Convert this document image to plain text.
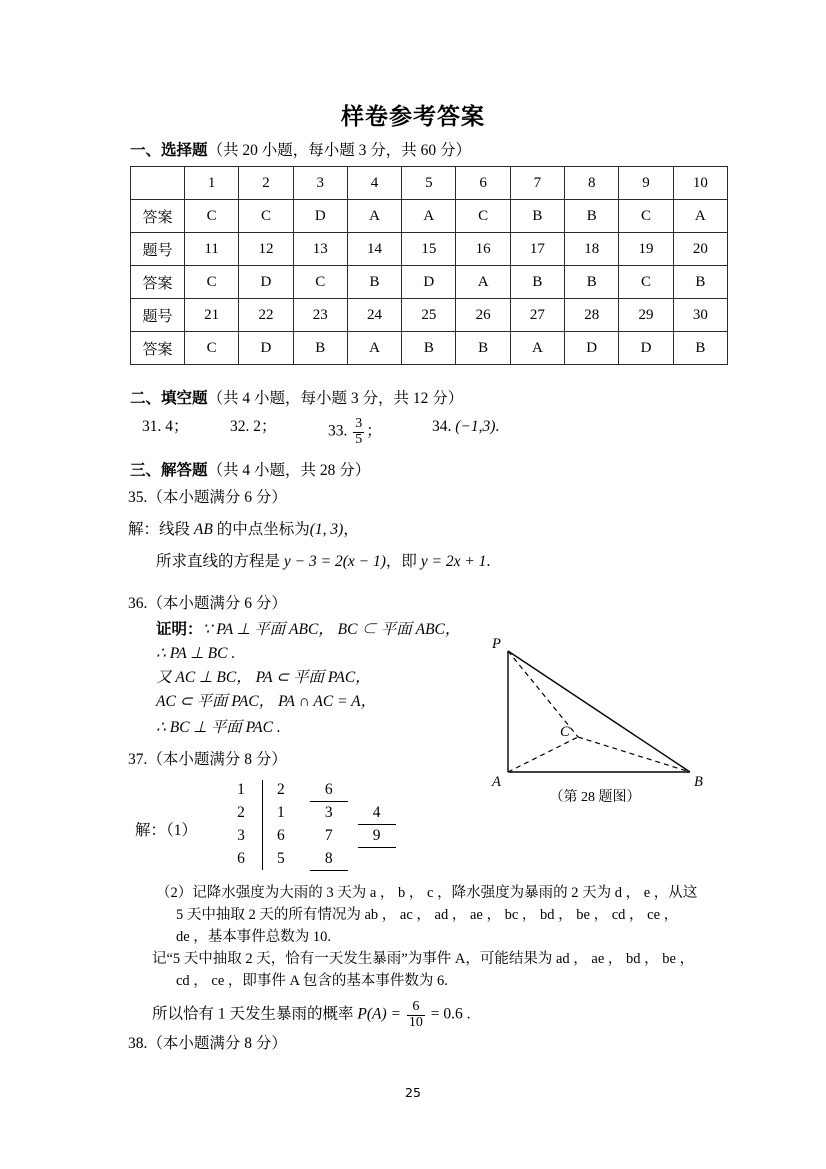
样卷参考答案
一、选择题（共 20 小题，每小题 3 分，共 60 分）
	1	2	3	4	5	6	7	8	9	10
答案	C	C	D	A	A	C	B	B	C	A
题号	11	12	13	14	15	16	17	18	19	20
答案	C	D	C	B	D	A	B	B	C	B
题号	21	22	23	24	25	26	27	28	29	30
答案	C	D	B	A	B	B	A	D	D	B
二、填空题（共 4 小题，每小题 3 分，共 12 分）
31. 4；	32. 2；	33. $\frac{3}{5}$ ；	34. (−1,3).
三、解答题（共 4 小题，共 28 分）
35.（本小题满分 6 分）
解：线段 AB 的中点坐标为(1, 3)，
所求直线的方程是 y − 3 = 2(x − 1)，即 y = 2x + 1.
36.（本小题满分 6 分）
证明：∵ PA ⊥ 平面 ABC， BC ⊂ 平面 ABC，
∴ PA ⊥ BC .
又 AC ⊥ BC， PA ⊂ 平面 PAC，
AC ⊂ 平面 PAC， PA ∩ AC = A，
∴ BC ⊥ 平面 PAC .
P
A	B
C
（第 28 题图）
37.（本小题满分 8 分）
解：（1）
1 2	6
2 1	3	4
3 6	7	9
6 5	8
（2）记降水强度为大雨的 3 天为 a ， b ， c ，降水强度为暴雨的 2 天为 d ， e ，从这
5 天中抽取 2 天的所有情况为 ab ， ac ， ad ， ae ， bc ， bd ， be ， cd ， ce ，
de ，基本事件总数为 10.
记“5 天中抽取 2 天，恰有一天发生暴雨”为事件 A，可能结果为 ad ， ae ， bd ， be ，
cd ， ce ，即事件 A 包含的基本事件数为 6.
所以恰有 1 天发生暴雨的概率 $P(A) = \frac{6}{10} = 0.6$ .
38.（本小题满分 8 分）
25
